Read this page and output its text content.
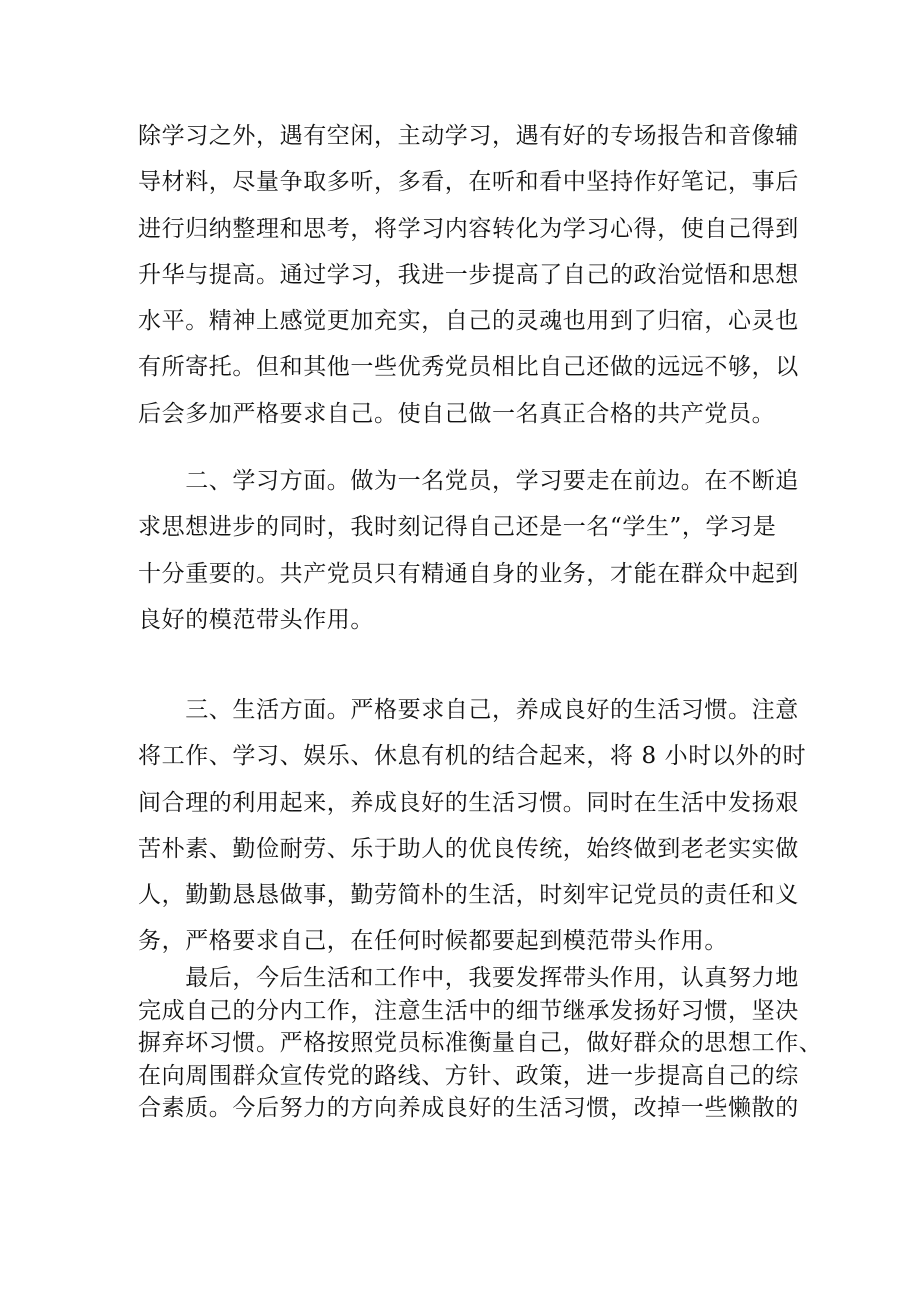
除学习之外，遇有空闲，主动学习，遇有好的专场报告和音像辅
导材料，尽量争取多听，多看，在听和看中坚持作好笔记，事后
进行归纳整理和思考，将学习内容转化为学习心得，使自己得到
升华与提高。通过学习，我进一步提高了自己的政治觉悟和思想
水平。精神上感觉更加充实，自己的灵魂也用到了归宿，心灵也
有所寄托。但和其他一些优秀党员相比自己还做的远远不够，以
后会多加严格要求自己。使自己做一名真正合格的共产党员。
　　二、学习方面。做为一名党员，学习要走在前边。在不断追
求思想进步的同时，我时刻记得自己还是一名“学生”，学习是
十分重要的。共产党员只有精通自身的业务，才能在群众中起到
良好的模范带头作用。
　　三、生活方面。严格要求自己，养成良好的生活习惯。注意
将工作、学习、娱乐、休息有机的结合起来，将 8 小时以外的时
间合理的利用起来，养成良好的生活习惯。同时在生活中发扬艰
苦朴素、勤俭耐劳、乐于助人的优良传统，始终做到老老实实做
人，勤勤恳恳做事，勤劳简朴的生活，时刻牢记党员的责任和义
务，严格要求自己，在任何时候都要起到模范带头作用。
　　最后，今后生活和工作中，我要发挥带头作用，认真努力地
完成自己的分内工作，注意生活中的细节继承发扬好习惯，坚决
摒弃坏习惯。严格按照党员标准衡量自己，做好群众的思想工作、
在向周围群众宣传党的路线、方针、政策，进一步提高自己的综
合素质。今后努力的方向养成良好的生活习惯，改掉一些懒散的
